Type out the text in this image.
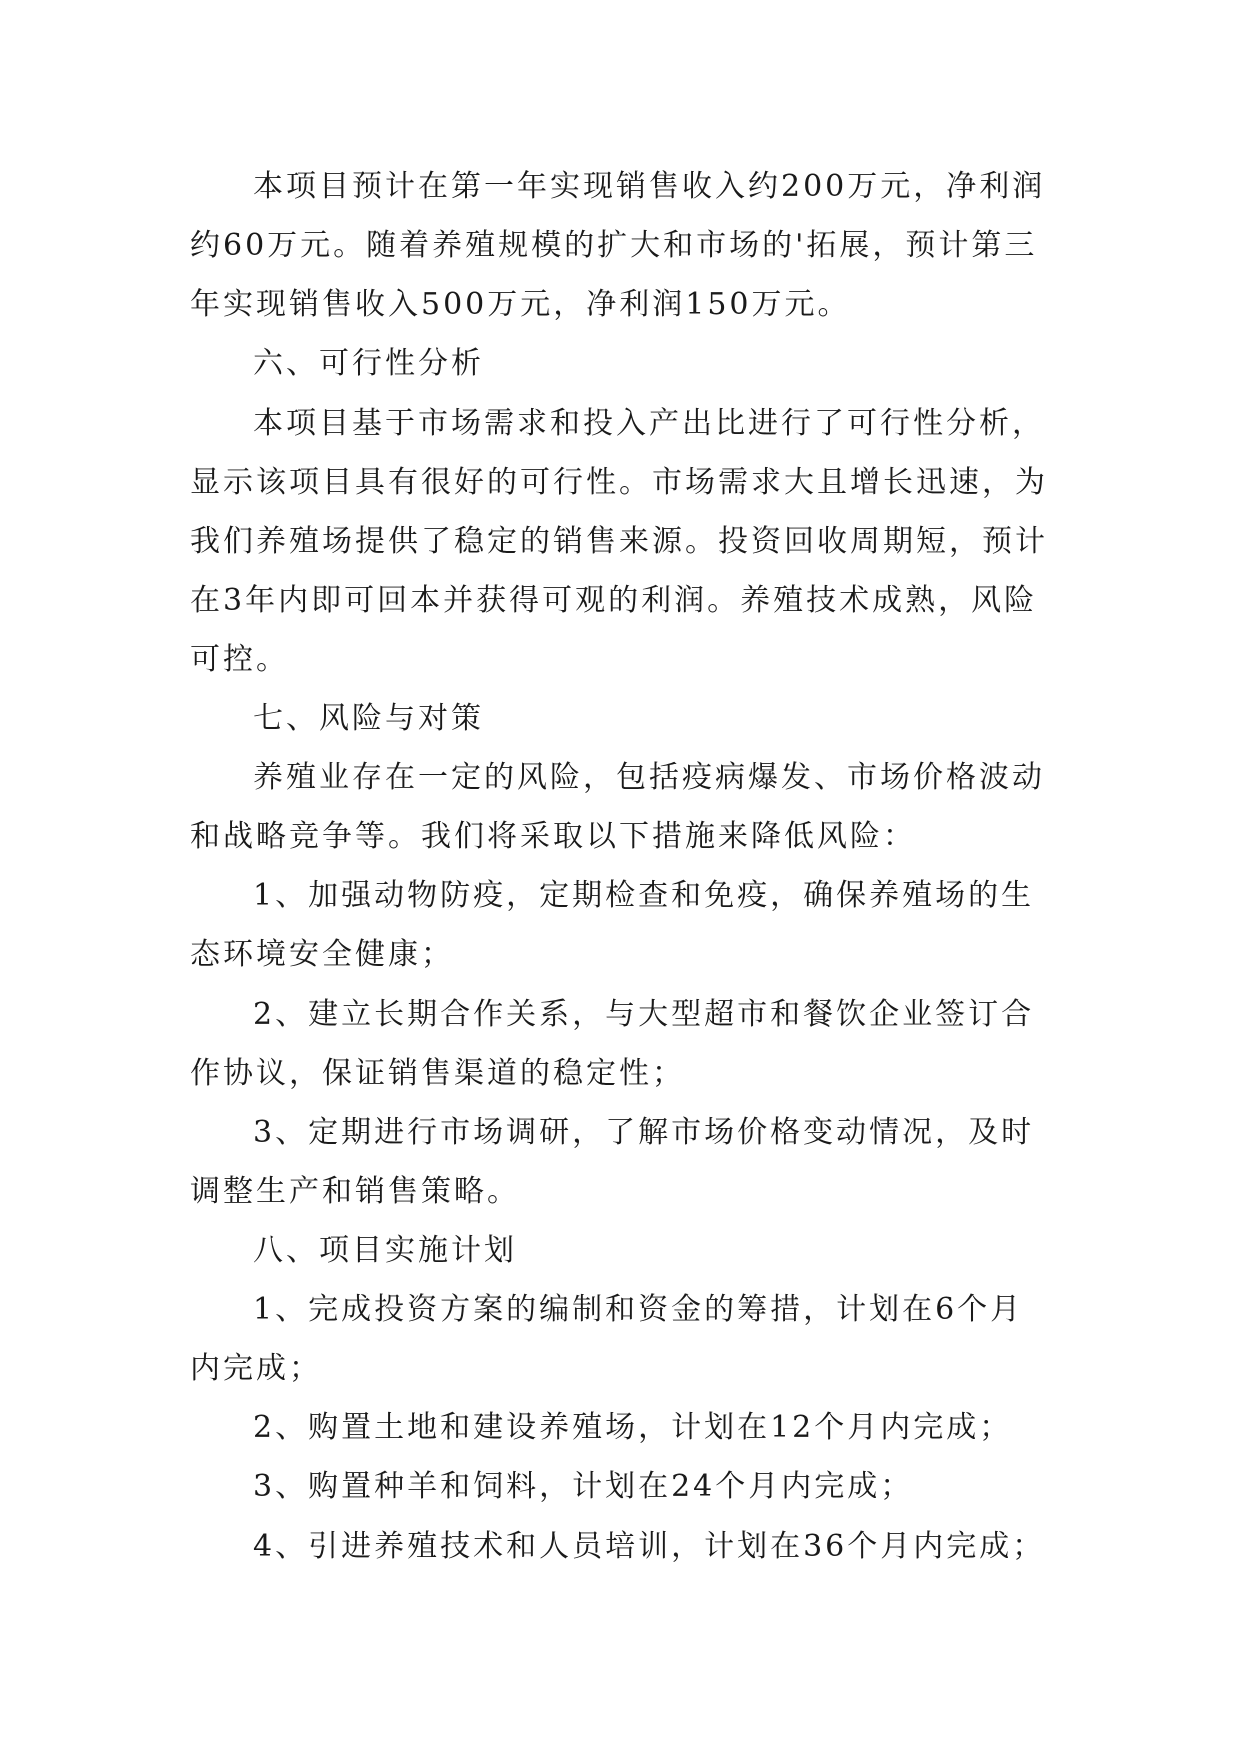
本项目预计在第一年实现销售收入约200万元，净利润

约60万元。随着养殖规模的扩大和市场的'拓展，预计第三

年实现销售收入500万元，净利润150万元。

六、可行性分析

本项目基于市场需求和投入产出比进行了可行性分析，

显示该项目具有很好的可行性。市场需求大且增长迅速，为

我们养殖场提供了稳定的销售来源。投资回收周期短，预计

在3年内即可回本并获得可观的利润。养殖技术成熟，风险

可控。

七、风险与对策

养殖业存在一定的风险，包括疫病爆发、市场价格波动

和战略竞争等。我们将采取以下措施来降低风险：

1、加强动物防疫，定期检查和免疫，确保养殖场的生

态环境安全健康；

2、建立长期合作关系，与大型超市和餐饮企业签订合

作协议，保证销售渠道的稳定性；

3、定期进行市场调研，了解市场价格变动情况，及时

调整生产和销售策略。

八、项目实施计划

1、完成投资方案的编制和资金的筹措，计划在6个月

内完成；

2、购置土地和建设养殖场，计划在12个月内完成；

3、购置种羊和饲料，计划在24个月内完成；

4、引进养殖技术和人员培训，计划在36个月内完成；
